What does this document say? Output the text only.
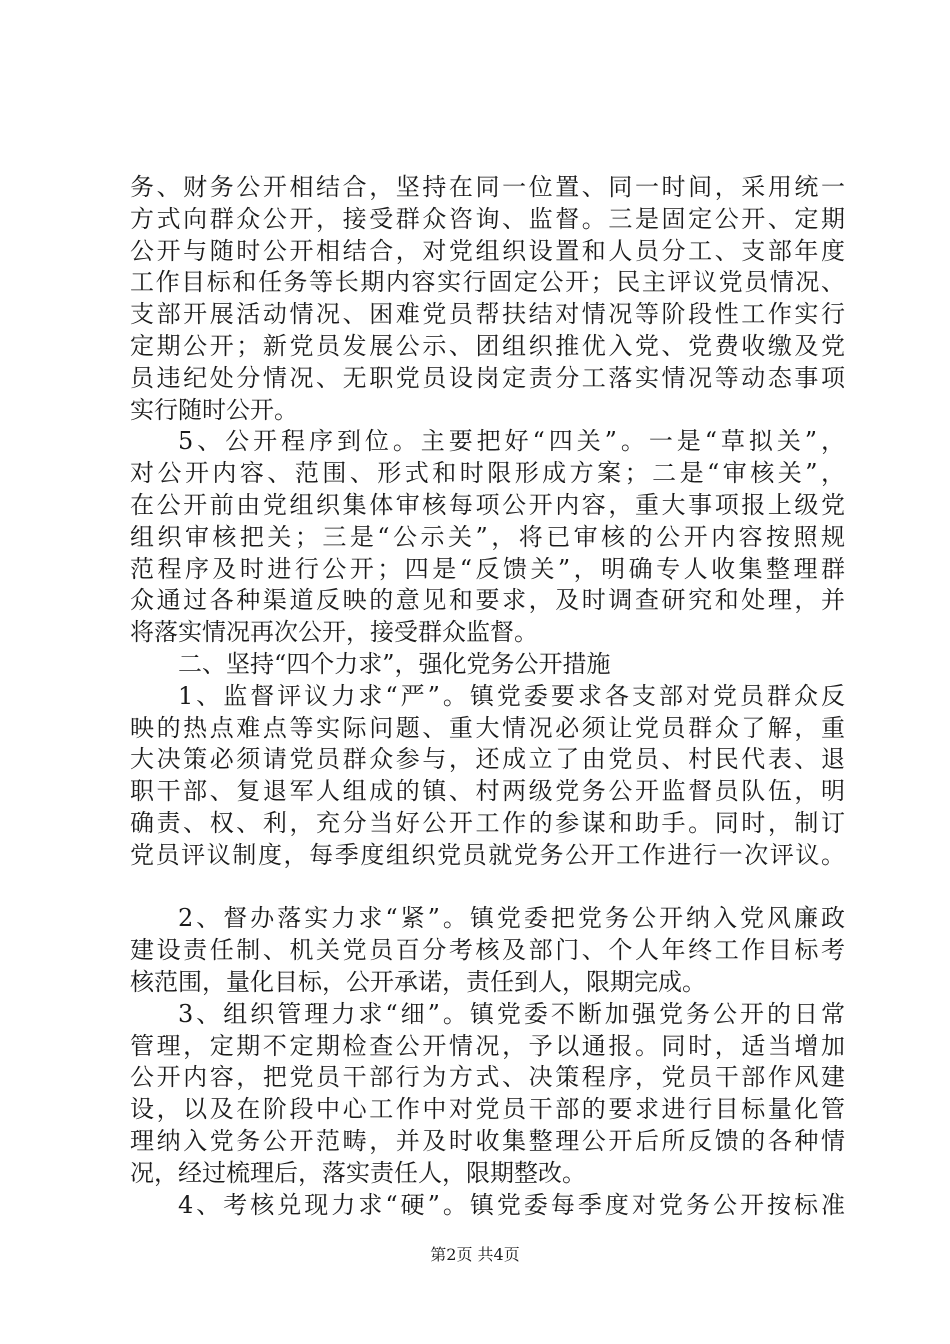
务、财务公开相结合，坚持在同一位置、同一时间，采用统一
方式向群众公开，接受群众咨询、监督。三是固定公开、定期
公开与随时公开相结合，对党组织设置和人员分工、支部年度
工作目标和任务等长期内容实行固定公开；民主评议党员情况、
支部开展活动情况、困难党员帮扶结对情况等阶段性工作实行
定期公开；新党员发展公示、团组织推优入党、党费收缴及党
员违纪处分情况、无职党员设岗定责分工落实情况等动态事项
实行随时公开。
5、公开程序到位。主要把好“四关”。一是“草拟关”，
对公开内容、范围、形式和时限形成方案；二是“审核关”，
在公开前由党组织集体审核每项公开内容，重大事项报上级党
组织审核把关；三是“公示关”，将已审核的公开内容按照规
范程序及时进行公开；四是“反馈关”，明确专人收集整理群
众通过各种渠道反映的意见和要求，及时调查研究和处理，并
将落实情况再次公开，接受群众监督。
二、坚持“四个力求”，强化党务公开措施
1、监督评议力求“严”。镇党委要求各支部对党员群众反
映的热点难点等实际问题、重大情况必须让党员群众了解，重
大决策必须请党员群众参与，还成立了由党员、村民代表、退
职干部、复退军人组成的镇、村两级党务公开监督员队伍，明
确责、权、利，充分当好公开工作的参谋和助手。同时，制订
党员评议制度，每季度组织党员就党务公开工作进行一次评议。
2、督办落实力求“紧”。镇党委把党务公开纳入党风廉政
建设责任制、机关党员百分考核及部门、个人年终工作目标考
核范围，量化目标，公开承诺，责任到人，限期完成。
3、组织管理力求“细”。镇党委不断加强党务公开的日常
管理，定期不定期检查公开情况，予以通报。同时，适当增加
公开内容，把党员干部行为方式、决策程序，党员干部作风建
设，以及在阶段中心工作中对党员干部的要求进行目标量化管
理纳入党务公开范畴，并及时收集整理公开后所反馈的各种情
况，经过梳理后，落实责任人，限期整改。
4、考核兑现力求“硬”。镇党委每季度对党务公开按标准
第2页 共4页
